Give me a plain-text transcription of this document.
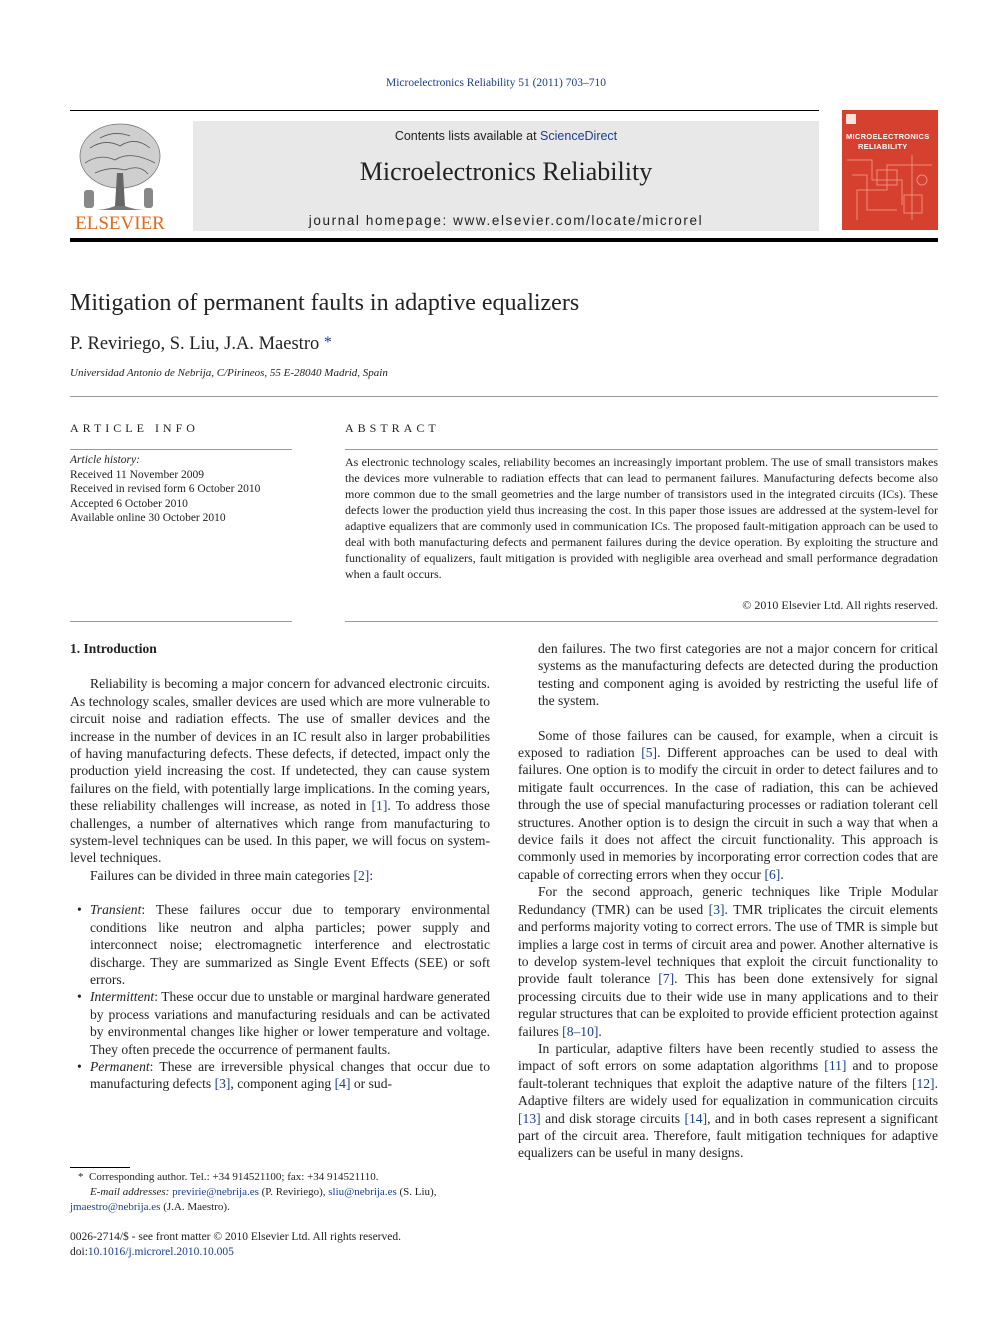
Microelectronics Reliability 51 (2011) 703–710
ELSEVIER
Contents lists available at ScienceDirect
Microelectronics Reliability
journal homepage: www.elsevier.com/locate/microrel
MICROELECTRONICS
RELIABILITY
Mitigation of permanent faults in adaptive equalizers
P. Reviriego, S. Liu, J.A. Maestro *
Universidad Antonio de Nebrija, C/Pirineos, 55 E-28040 Madrid, Spain
ARTICLE INFO
Article history:
Received 11 November 2009
Received in revised form 6 October 2010
Accepted 6 October 2010
Available online 30 October 2010
ABSTRACT
As electronic technology scales, reliability becomes an increasingly important problem. The use of small transistors makes the devices more vulnerable to radiation effects that can lead to permanent failures. Manufacturing defects become also more common due to the small geometries and the large number of transistors used in the integrated circuits (ICs). These defects lower the production yield thus increasing the cost. In this paper those issues are addressed at the system-level for adaptive equalizers that are commonly used in communication ICs. The proposed fault-mitigation approach can be used to deal with both manufacturing defects and permanent failures during the device operation. By exploiting the structure and functionality of equalizers, fault mitigation is provided with negligible area overhead and small performance degradation when a fault occurs.
© 2010 Elsevier Ltd. All rights reserved.

1. Introduction

Reliability is becoming a major concern for advanced electronic circuits. As technology scales, smaller devices are used which are more vulnerable to circuit noise and radiation effects. The use of smaller devices and the increase in the number of devices in an IC result also in larger probabilities of having manufacturing defects. These defects, if detected, impact only the production yield increasing the cost. If undetected, they can cause system failures on the field, with potentially large implications. In the coming years, these reliability challenges will increase, as noted in [1]. To address those challenges, a number of alternatives which range from manufacturing to system-level techniques can be used. In this paper, we will focus on system-level techniques.

Failures can be divided in three main categories [2]:

• Transient: These failures occur due to temporary environmental conditions like neutron and alpha particles; power supply and interconnect noise; electromagnetic interference and electrostatic discharge. They are summarized as Single Event Effects (SEE) or soft errors.
• Intermittent: These occur due to unstable or marginal hardware generated by process variations and manufacturing residuals and can be activated by environmental changes like higher or lower temperature and voltage. They often precede the occurrence of permanent faults.
• Permanent: These are irreversible physical changes that occur due to manufacturing defects [3], component aging [4] or sud-
den failures. The two first categories are not a major concern for critical systems as the manufacturing defects are detected during the production testing and component aging is avoided by restricting the useful life of the system.

Some of those failures can be caused, for example, when a circuit is exposed to radiation [5]. Different approaches can be used to deal with failures. One option is to modify the circuit in order to detect failures and to mitigate fault occurrences. In the case of radiation, this can be achieved through the use of special manufacturing processes or radiation tolerant cell structures. Another option is to design the circuit in such a way that when a device fails it does not affect the circuit functionality. This approach is commonly used in memories by incorporating error correction codes that are capable of correcting errors when they occur [6].

For the second approach, generic techniques like Triple Modular Redundancy (TMR) can be used [3]. TMR triplicates the circuit elements and performs majority voting to correct errors. The use of TMR is simple but implies a large cost in terms of circuit area and power. Another alternative is to develop system-level techniques that exploit the circuit functionality to provide fault tolerance [7]. This has been done extensively for signal processing circuits due to their wide use in many applications and to their regular structures that can be exploited to provide efficient protection against failures [8–10].

In particular, adaptive filters have been recently studied to assess the impact of soft errors on some adaptation algorithms [11] and to propose fault-tolerant techniques that exploit the adaptive nature of the filters [12]. Adaptive filters are widely used for equalization in communication circuits [13] and disk storage circuits [14], and in both cases represent a significant part of the circuit area. Therefore, fault mitigation techniques for adaptive equalizers can be useful in many designs.

* Corresponding author. Tel.: +34 914521100; fax: +34 914521110.
E-mail addresses: previrie@nebrija.es (P. Reviriego), sliu@nebrija.es (S. Liu),
jmaestro@nebrija.es (J.A. Maestro).
0026-2714/$ - see front matter © 2010 Elsevier Ltd. All rights reserved.
doi:10.1016/j.microrel.2010.10.005
